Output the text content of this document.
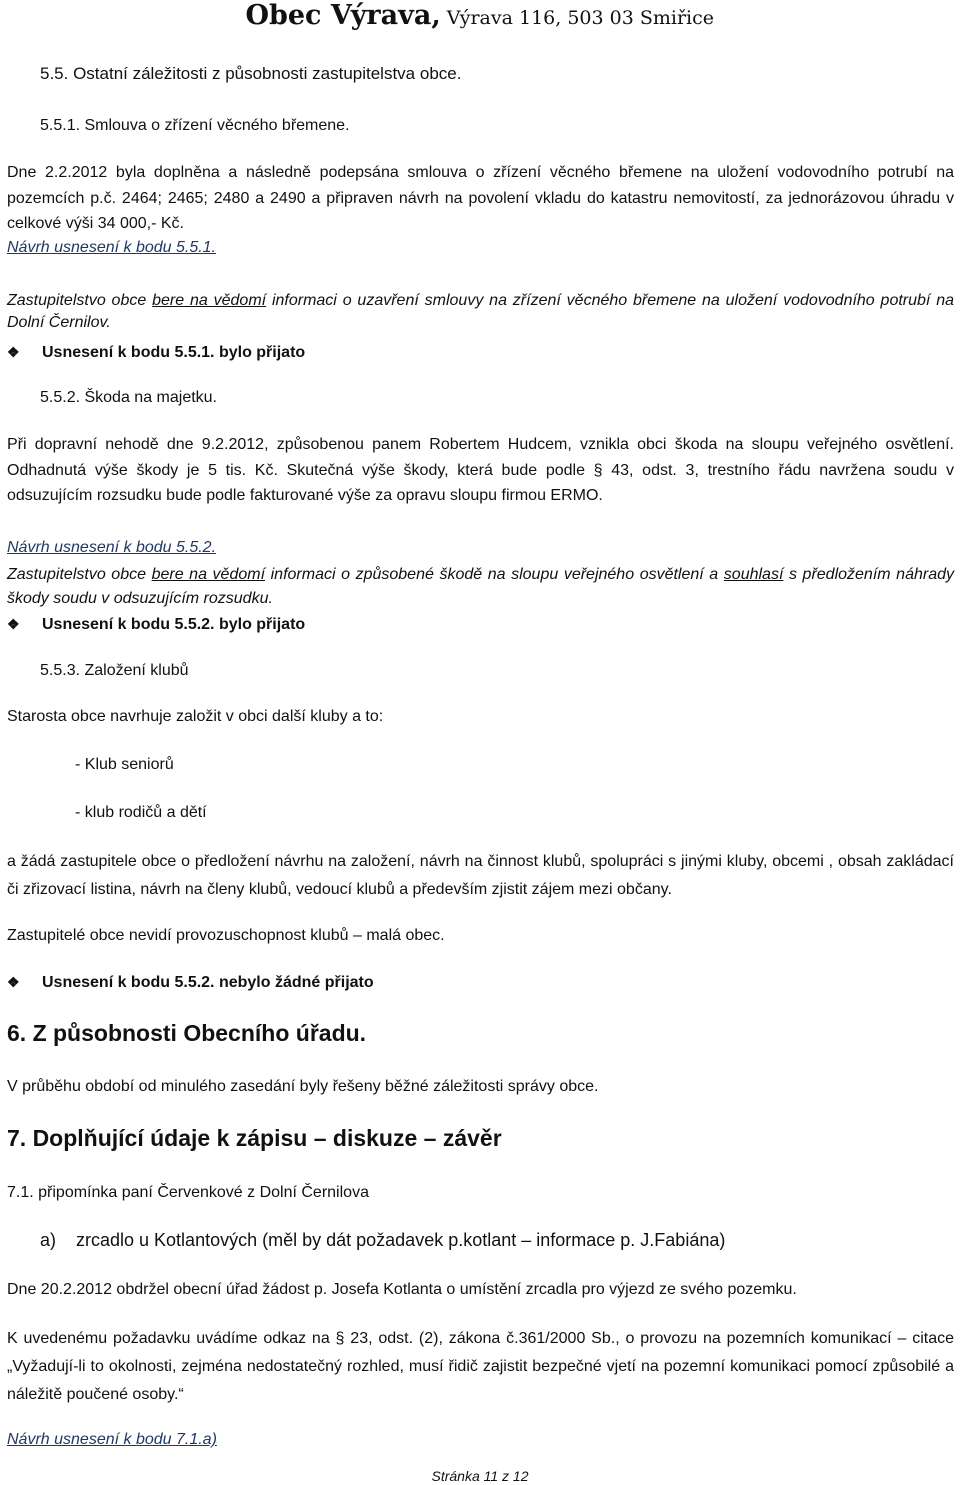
Obec Výrava, Výrava 116, 503 03 Smiřice
5.5. Ostatní záležitosti z působnosti zastupitelstva obce.
5.5.1. Smlouva o zřízení věcného břemene.
Dne 2.2.2012 byla doplněna a následně podepsána smlouva o zřízení věcného břemene na uložení vodovodního potrubí na pozemcích p.č. 2464; 2465; 2480 a 2490 a připraven návrh na povolení vkladu do katastru nemovitostí, za jednorázovou úhradu v celkové výši 34 000,- Kč.
Návrh usnesení k bodu 5.5.1.
Zastupitelstvo obce bere na vědomí informaci o uzavření smlouvy na zřízení věcného břemene na uložení vodovodního potrubí na Dolní Černilov.
❖ Usnesení k bodu 5.5.1. bylo přijato
5.5.2. Škoda na majetku.
Při dopravní nehodě dne 9.2.2012, způsobenou panem Robertem Hudcem, vznikla obci škoda na sloupu veřejného osvětlení. Odhadnutá výše škody je 5 tis. Kč. Skutečná výše škody, která bude podle § 43, odst. 3, trestního řádu navržena soudu v odsuzujícím rozsudku bude podle fakturované výše za opravu sloupu firmou ERMO.
Návrh usnesení k bodu 5.5.2.
Zastupitelstvo obce bere na vědomí informaci o způsobené škodě na sloupu veřejného osvětlení a souhlasí s předložením náhrady škody soudu v odsuzujícím rozsudku.
❖ Usnesení k bodu 5.5.2. bylo přijato
5.5.3. Založení klubů
Starosta obce navrhuje založit v obci další kluby a to:
- Klub seniorů
- klub rodičů a dětí
a žádá zastupitele obce o předložení návrhu na založení, návrh na činnost klubů, spolupráci s jinými kluby, obcemi , obsah zakládací či zřizovací listina, návrh na členy klubů, vedoucí klubů a především zjistit zájem mezi občany.
Zastupitelé obce nevidí provozuschopnost klubů – malá obec.
❖ Usnesení k bodu 5.5.2. nebylo žádné přijato
6. Z působnosti Obecního úřadu.
V průběhu období od minulého zasedání byly řešeny běžné záležitosti správy obce.
7. Doplňující údaje k zápisu – diskuze – závěr
7.1. připomínka paní Červenkové z Dolní Černilova
a) zrcadlo u Kotlantových (měl by dát požadavek p.kotlant – informace p. J.Fabiána)
Dne 20.2.2012 obdržel obecní úřad žádost p. Josefa Kotlanta o umístění zrcadla pro výjezd ze svého pozemku.
K uvedenému požadavku uvádíme odkaz na § 23, odst. (2), zákona č.361/2000 Sb., o provozu na pozemních komunikací – citace „Vyžadují-li to okolnosti, zejména nedostatečný rozhled, musí řidič zajistit bezpečné vjetí na pozemní komunikaci pomocí způsobilé a náležitě poučené osoby.“
Návrh usnesení k bodu 7.1.a)
Stránka 11 z 12
